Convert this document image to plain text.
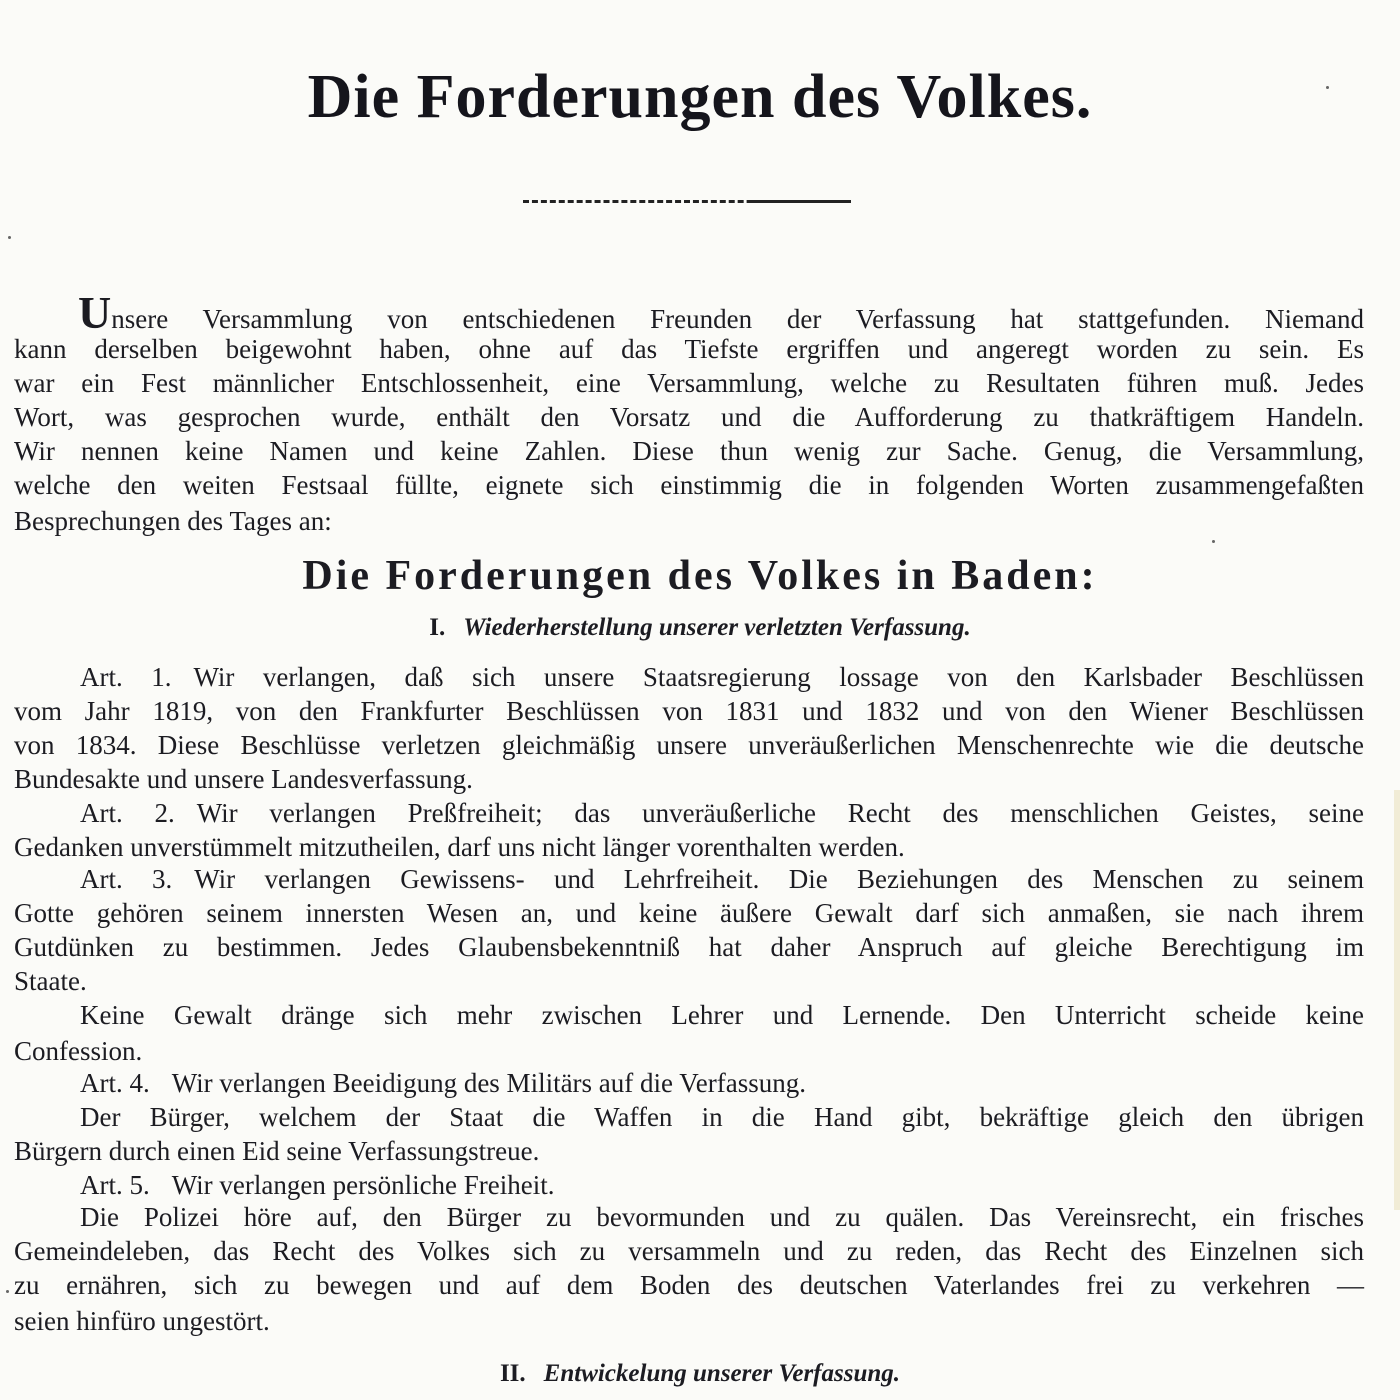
Die Forderungen des Volkes.
Unsere Versammlung von entschiedenen Freunden der Verfassung hat stattgefunden. Niemand
kann derselben beigewohnt haben, ohne auf das Tiefste ergriffen und angeregt worden zu sein. Es
war ein Fest männlicher Entschlossenheit, eine Versammlung, welche zu Resultaten führen muß. Jedes
Wort, was gesprochen wurde, enthält den Vorsatz und die Aufforderung zu thatkräftigem Handeln.
Wir nennen keine Namen und keine Zahlen. Diese thun wenig zur Sache. Genug, die Versammlung,
welche den weiten Festsaal füllte, eignete sich einstimmig die in folgenden Worten zusammengefaßten
Besprechungen des Tages an:
Die Forderungen des Volkes in Baden:
I. Wiederherstellung unserer verletzten Verfassung.
Art. 1. Wir verlangen, daß sich unsere Staatsregierung lossage von den Karlsbader Beschlüssen
vom Jahr 1819, von den Frankfurter Beschlüssen von 1831 und 1832 und von den Wiener Beschlüssen
von 1834. Diese Beschlüsse verletzen gleichmäßig unsere unveräußerlichen Menschenrechte wie die deutsche
Bundesakte und unsere Landesverfassung.
Art. 2. Wir verlangen Preßfreiheit; das unveräußerliche Recht des menschlichen Geistes, seine
Gedanken unverstümmelt mitzutheilen, darf uns nicht länger vorenthalten werden.
Art. 3. Wir verlangen Gewissens- und Lehrfreiheit. Die Beziehungen des Menschen zu seinem
Gotte gehören seinem innersten Wesen an, und keine äußere Gewalt darf sich anmaßen, sie nach ihrem
Gutdünken zu bestimmen. Jedes Glaubensbekenntniß hat daher Anspruch auf gleiche Berechtigung im
Staate.
Keine Gewalt dränge sich mehr zwischen Lehrer und Lernende. Den Unterricht scheide keine
Confession.
Art. 4. Wir verlangen Beeidigung des Militärs auf die Verfassung.
Der Bürger, welchem der Staat die Waffen in die Hand gibt, bekräftige gleich den übrigen
Bürgern durch einen Eid seine Verfassungstreue.
Art. 5. Wir verlangen persönliche Freiheit.
Die Polizei höre auf, den Bürger zu bevormunden und zu quälen. Das Vereinsrecht, ein frisches
Gemeindeleben, das Recht des Volkes sich zu versammeln und zu reden, das Recht des Einzelnen sich
zu ernähren, sich zu bewegen und auf dem Boden des deutschen Vaterlandes frei zu verkehren —
seien hinfüro ungestört.
II. Entwickelung unserer Verfassung.
